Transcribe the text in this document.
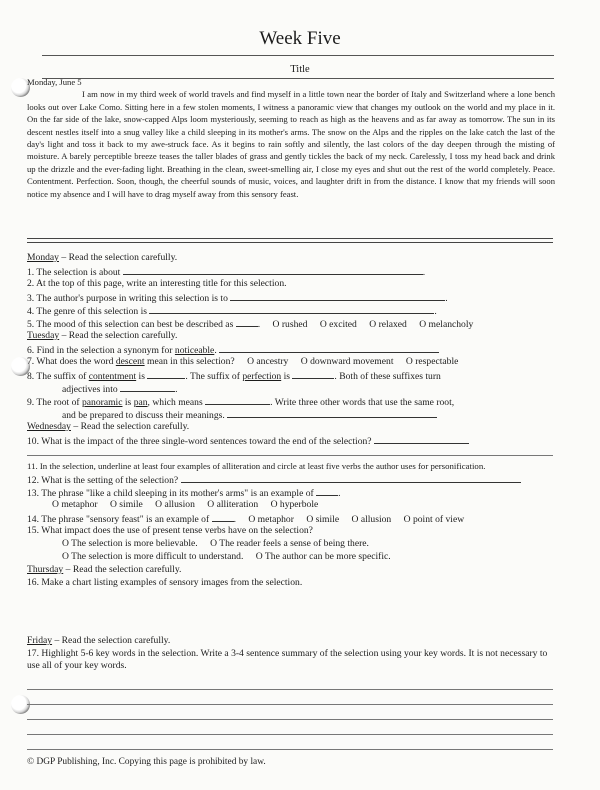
Week Five
Title
Monday, June 5
I am now in my third week of world travels and find myself in a little town near the border of Italy and Switzerland where a lone bench looks out over Lake Como. Sitting here in a few stolen moments, I witness a panoramic view that changes my outlook on the world and my place in it. On the far side of the lake, snow-capped Alps loom mysteriously, seeming to reach as high as the heavens and as far away as tomorrow. The sun in its descent nestles itself into a snug valley like a child sleeping in its mother's arms. The snow on the Alps and the ripples on the lake catch the last of the day's light and toss it back to my awe-struck face. As it begins to rain softly and silently, the last colors of the day deepen through the misting of moisture. A barely perceptible breeze teases the taller blades of grass and gently tickles the back of my neck. Carelessly, I toss my head back and drink up the drizzle and the ever-fading light. Breathing in the clean, sweet-smelling air, I close my eyes and shut out the rest of the world completely. Peace. Contentment. Perfection. Soon, though, the cheerful sounds of music, voices, and laughter drift in from the distance. I know that my friends will soon notice my absence and I will have to drag myself away from this sensory feast.
Monday – Read the selection carefully.
1. The selection is about	.
2. At the top of this page, write an interesting title for this selection.
3. The author's purpose in writing this selection is to	.
4. The genre of this selection is	.
5. The mood of this selection can best be described as	. O rushed O excited O relaxed O melancholy
Tuesday – Read the selection carefully.
6. Find in the selection a synonym for noticeable.
7. What does the word descent mean in this selection? O ancestry O downward movement O respectable
8. The suffix of contentment is	. The suffix of perfection is	. Both of these suffixes turn
adjectives into	.
9. The root of panoramic is pan, which means	. Write three other words that use the same root,
and be prepared to discuss their meanings.
Wednesday – Read the selection carefully.
10. What is the impact of the three single-word sentences toward the end of the selection?
11. In the selection, underline at least four examples of alliteration and circle at least five verbs the author uses for personification.
12. What is the setting of the selection?
13. The phrase "like a child sleeping in its mother's arms" is an example of	.
O metaphor O simile O allusion O alliteration O hyperbole
14. The phrase "sensory feast" is an example of	. O metaphor O simile O allusion O point of view
15. What impact does the use of present tense verbs have on the selection?
O The selection is more believable. O The reader feels a sense of being there.
O The selection is more difficult to understand. O The author can be more specific.
Thursday – Read the selection carefully.
16. Make a chart listing examples of sensory images from the selection.
Friday – Read the selection carefully.
17. Highlight 5-6 key words in the selection. Write a 3-4 sentence summary of the selection using your key words. It is not necessary to use all of your key words.
© DGP Publishing, Inc. Copying this page is prohibited by law.
